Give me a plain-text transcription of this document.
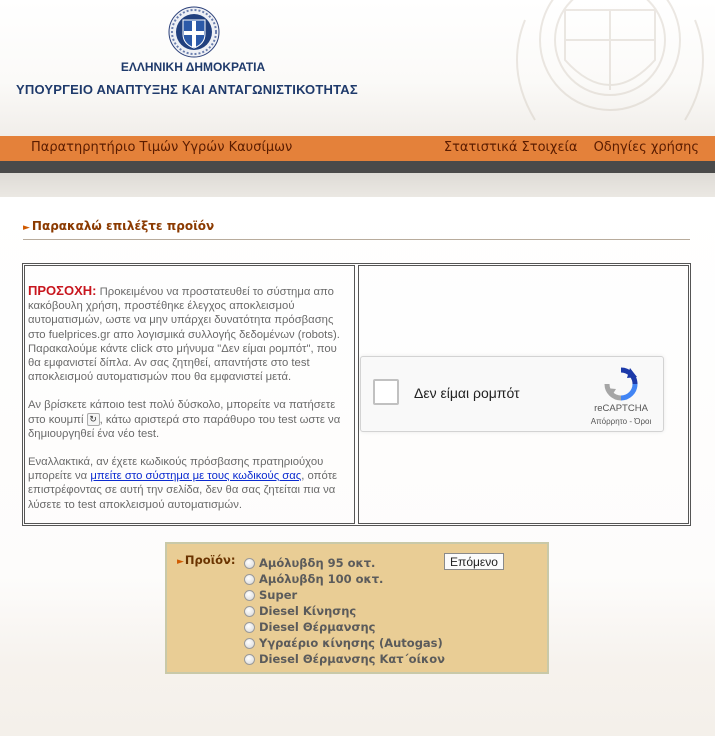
ΕΛΛΗΝΙΚΗ ΔΗΜΟΚΡΑΤΙΑ
ΥΠΟΥΡΓΕΙΟ ΑΝΑΠΤΥΞΗΣ ΚΑΙ ΑΝΤΑΓΩΝΙΣΤΙΚΟΤΗΤΑΣ
Παρατηρητήριο Τιμών Υγρών Καυσίμων	Στατιστικά Στοιχεία Οδηγίες χρήσης
► Παρακαλώ επιλέξτε προϊόν

ΠΡΟΣΟΧΗ: Προκειμένου να προστατευθεί το σύστημα απο κακόβουλη χρήση, προστέθηκε έλεγχος αποκλεισμού αυτοματισμών, ωστε να μην υπάρχει δυνατότητα πρόσβασης στο fuelprices.gr απο λογισμικά συλλογής δεδομένων (robots). Παρακαλούμε κάντε click στο μήνυμα "Δεν είμαι ρομπότ", που θα εμφανιστεί δίπλα. Αν σας ζητηθεί, απαντήστε στο test αποκλεισμού αυτοματισμών που θα εμφανιστεί μετά.

Αν βρίσκετε κάποιο test πολύ δύσκολο, μπορείτε να πατήσετε στο κουμπί ↻ , κάτω αριστερά στο παράθυρο του test ωστε να δημιουργηθεί ένα νέο test.

Εναλλακτικά, αν έχετε κωδικούς πρόσβασης πρατηριούχου μπορείτε να μπείτε στο σύστημα με τους κωδικούς σας, οπότε επιστρέφοντας σε αυτή την σελίδα, δεν θα σας ζητείται πια να λύσετε το test αποκλεισμού αυτοματισμών.

Δεν είμαι ρομπότ
reCAPTCHA
Απόρρητο - Όροι
►Προϊόν: Αμόλυβδη 95 οκτ.
Αμόλυβδη 100 οκτ.
Super
Diesel Κίνησης
Diesel Θέρμανσης
Υγραέριο κίνησης (Autogas)
Diesel Θέρμανσης Κατ΄οίκον
Επόμενο
